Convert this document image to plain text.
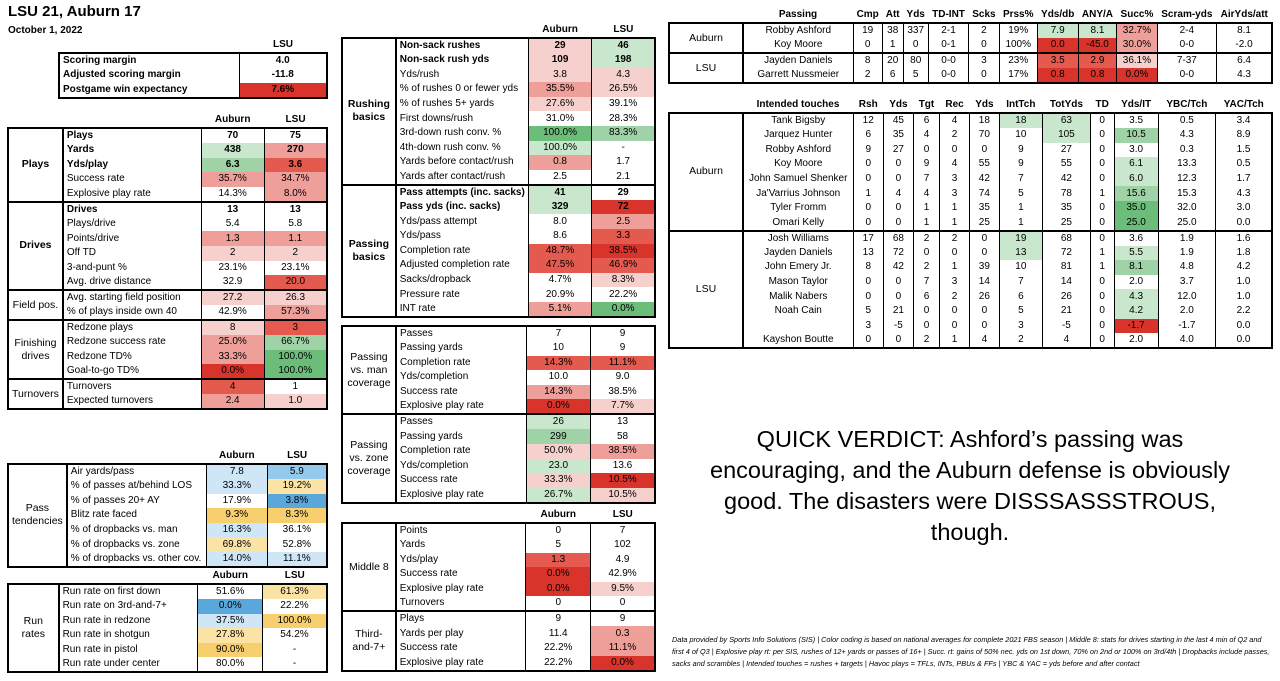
LSU 21, Auburn 17
October 1, 2022
	LSU
Scoring margin	4.0
Adjusted scoring margin	-11.8
Postgame win expectancy	7.6%
		Auburn	LSU
Plays	Plays	70	75
	Yards	438	270
	Yds/play	6.3	3.6
	Success rate	35.7%	34.7%
	Explosive play rate	14.3%	8.0%
Drives	Drives	13	13
	Plays/drive	5.4	5.8
	Points/drive	1.3	1.1
	Off TD	2	2
	3-and-punt %	23.1%	23.1%
	Avg. drive distance	32.9	20.0
Field pos.	Avg. starting field position	27.2	26.3
	% of plays inside own 40	42.9%	57.3%
Finishing drives	Redzone plays	8	3
	Redzone success rate	25.0%	66.7%
	Redzone TD%	33.3%	100.0%
	Goal-to-go TD%	0.0%	100.0%
Turnovers	Turnovers	4	1
	Expected turnovers	2.4	1.0
		Auburn	LSU
Pass tendencies	Air yards/pass	7.8	5.9
	% of passes at/behind LOS	33.3%	19.2%
	% of passes 20+ AY	17.9%	3.8%
	Blitz rate faced	9.3%	8.3%
	% of dropbacks vs. man	16.3%	36.1%
	% of dropbacks vs. zone	69.8%	52.8%
	% of dropbacks vs. other cov.	14.0%	11.1%
		Auburn	LSU
Run rates	Run rate on first down	51.6%	61.3%
	Run rate on 3rd-and-7+	0.0%	22.2%
	Run rate in redzone	37.5%	100.0%
	Run rate in shotgun	27.8%	54.2%
	Run rate in pistol	90.0%	-
	Run rate under center	80.0%	-
		Auburn	LSU
Rushing basics	Non-sack rushes	29	46
	Non-sack rush yds	109	198
	Yds/rush	3.8	4.3
	% of rushes 0 or fewer yds	35.5%	26.5%
	% of rushes 5+ yards	27.6%	39.1%
	First downs/rush	31.0%	28.3%
	3rd-down rush conv. %	100.0%	83.3%
	4th-down rush conv. %	100.0%	-
	Yards before contact/rush	0.8	1.7
	Yards after contact/rush	2.5	2.1
Passing basics	Pass attempts (inc. sacks)	41	29
	Pass yds (inc. sacks)	329	72
	Yds/pass attempt	8.0	2.5
	Yds/pass	8.6	3.3
	Completion rate	48.7%	38.5%
	Adjusted completion rate	47.5%	46.9%
	Sacks/dropback	4.7%	8.3%
	Pressure rate	20.9%	22.2%
	INT rate	5.1%	0.0%
Passing vs. man coverage	Passes	7	9
	Passing yards	10	9
	Completion rate	14.3%	11.1%
	Yds/completion	10.0	9.0
	Success rate	14.3%	38.5%
	Explosive play rate	0.0%	7.7%
Passing vs. zone coverage	Passes	26	13
	Passing yards	299	58
	Completion rate	50.0%	38.5%
	Yds/completion	23.0	13.6
	Success rate	33.3%	10.5%
	Explosive play rate	26.7%	10.5%
		Auburn	LSU
Middle 8	Points	0	7
	Yards	5	102
	Yds/play	1.3	4.9
	Success rate	0.0%	42.9%
	Explosive play rate	0.0%	9.5%
	Turnovers	0	0
Third-and-7+	Plays	9	9
	Yards per play	11.4	0.3
	Success rate	22.2%	11.1%
	Explosive play rate	22.2%	0.0%
	Passing	Cmp	Att	Yds	TD-INT	Scks	Prss%	Yds/db	ANY/A	Succ%	Scram-yds	AirYds/att
Auburn	Robby Ashford	19	38	337	2-1	2	19%	7.9	8.1	32.7%	2-4	8.1
	Koy Moore	0	1	0	0-1	0	100%	0.0	-45.0	30.0%	0-0	-2.0
LSU	Jayden Daniels	8	20	80	0-0	3	23%	3.5	2.9	36.1%	7-37	6.4
	Garrett Nussmeier	2	6	5	0-0	0	17%	0.8	0.8	0.0%	0-0	4.3
	Intended touches	Rsh	Yds	Tgt	Rec	Yds	IntTch	TotYds	TD	Yds/IT	YBC/Tch	YAC/Tch
Auburn	Tank Bigsby	12	45	6	4	18	18	63	0	3.5	0.5	3.4
	Jarquez Hunter	6	35	4	2	70	10	105	0	10.5	4.3	8.9
	Robby Ashford	9	27	0	0	0	9	27	0	3.0	0.3	1.5
	Koy Moore	0	0	9	4	55	9	55	0	6.1	13.3	0.5
	John Samuel Shenker	0	0	7	3	42	7	42	0	6.0	12.3	1.7
	Ja'Varrius Johnson	1	4	4	3	74	5	78	1	15.6	15.3	4.3
	Tyler Fromm	0	0	1	1	35	1	35	0	35.0	32.0	3.0
	Omari Kelly	0	0	1	1	25	1	25	0	25.0	25.0	0.0
LSU	Josh Williams	17	68	2	2	0	19	68	0	3.6	1.9	1.6
	Jayden Daniels	13	72	0	0	0	13	72	1	5.5	1.9	1.8
	John Emery Jr.	8	42	2	1	39	10	81	1	8.1	4.8	4.2
	Mason Taylor	0	0	7	3	14	7	14	0	2.0	3.7	1.0
	Malik Nabers	0	0	6	2	26	6	26	0	4.3	12.0	1.0
	Noah Cain	5	21	0	0	0	5	21	0	4.2	2.0	2.2
		3	-5	0	0	0	3	-5	0	-1.7	-1.7	0.0
	Kayshon Boutte	0	0	2	1	4	2	4	0	2.0	4.0	0.0
QUICK VERDICT: Ashford’s passing was encouraging, and the Auburn defense is obviously good. The disasters were DISSSASSSTROUS, though.
Data provided by Sports Info Solutions (SIS) | Color coding is based on national averages for complete 2021 FBS season | Middle 8: stats for drives starting in the last 4 min of Q2 and first 4 of Q3 | Explosive play rt: per SIS, rushes of 12+ yards or passes of 16+ | Succ. rt: gains of 50% nec. yds on 1st down, 70% on 2nd or 100% on 3rd/4th | Dropbacks include passes, sacks and scrambles | Intended touches = rushes + targets | Havoc plays = TFLs, INTs, PBUs & FFs | YBC & YAC = yds before and after contact
